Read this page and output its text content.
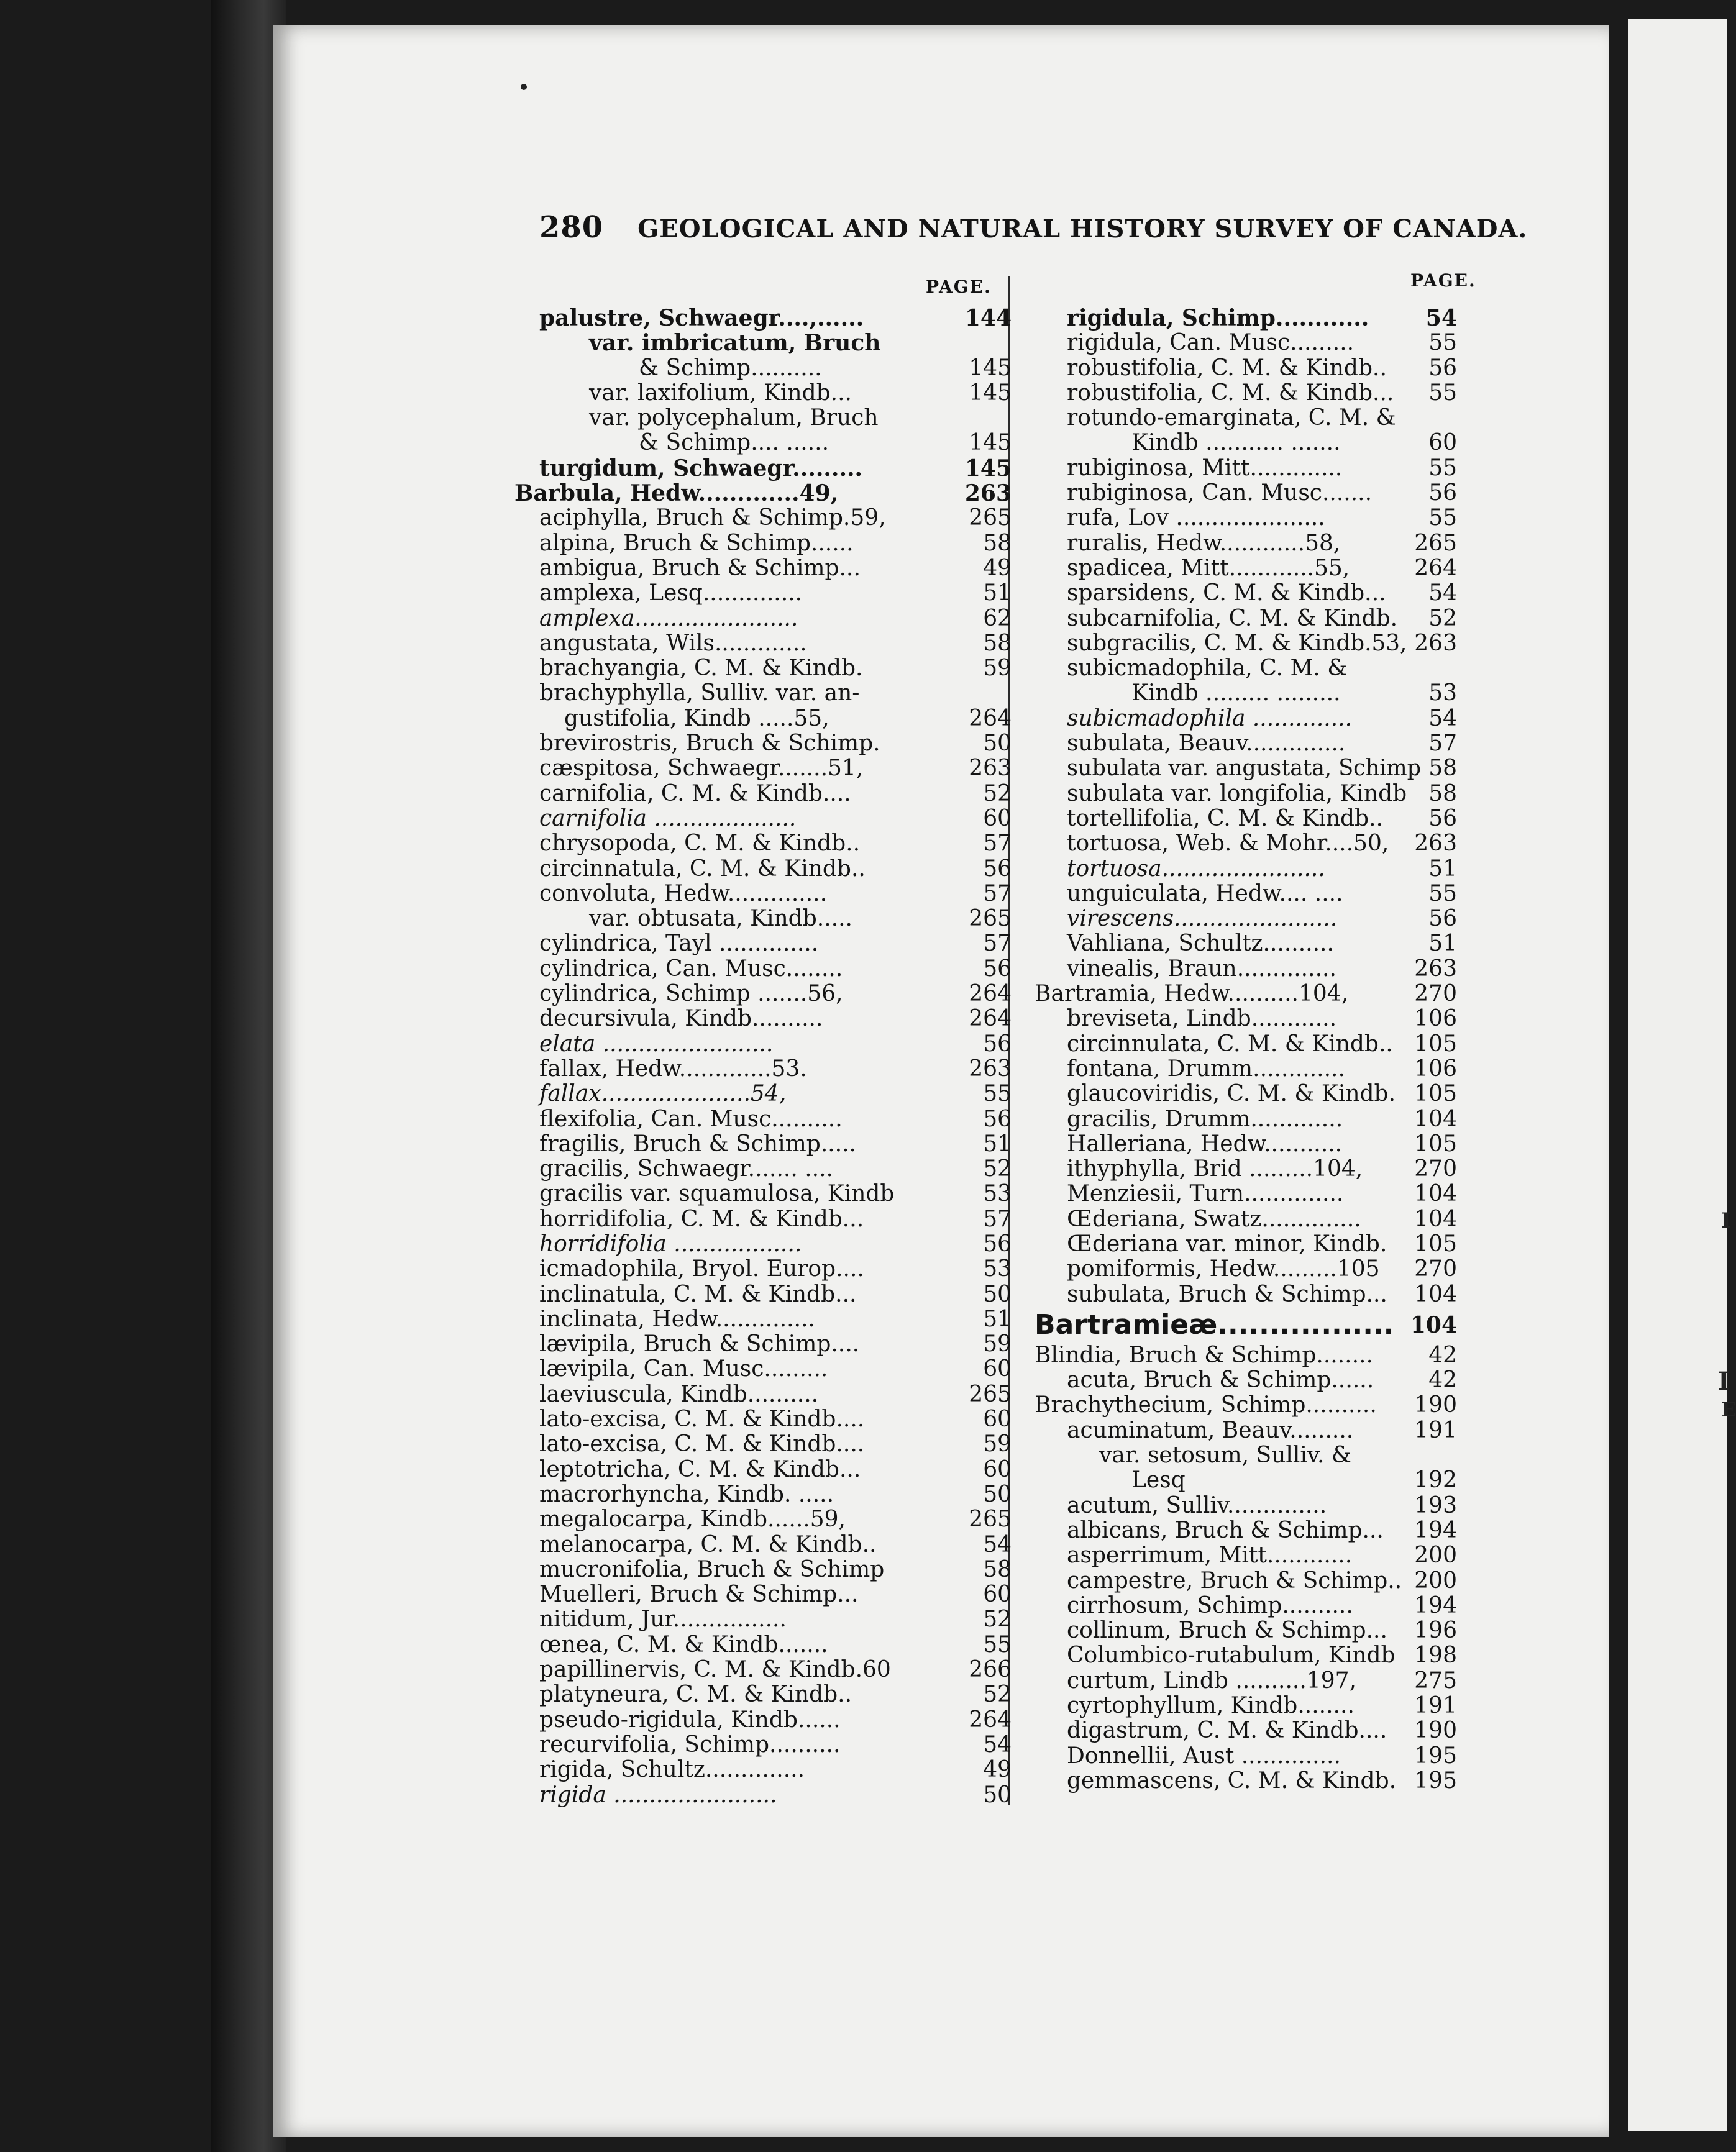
I
I
E
280 GEOLOGICAL AND NATURAL HISTORY SURVEY OF CANADA.
PAGE.	PAGE.
palustre, Schwaegr....,......	144
var. imbricatum, Bruch
& Schimp..........	145
var. laxifolium, Kindb...	145
var. polycephalum, Bruch
& Schimp.... ......	145
turgidum, Schwaegr.........	145
Barbula, Hedw.............49,	263
aciphylla, Bruch & Schimp.59,	265
alpina, Bruch & Schimp......	58
ambigua, Bruch & Schimp...	49
amplexa, Lesq..............	51
amplexa.......................	62
angustata, Wils.............	58
brachyangia, C. M. & Kindb.	59
brachyphylla, Sulliv. var. an-
gustifolia, Kindb .....55,	264
brevirostris, Bruch & Schimp.	50
cæspitosa, Schwaegr.......51,	263
carnifolia, C. M. & Kindb....	52
carnifolia ....................	60
chrysopoda, C. M. & Kindb..	57
circinnatula, C. M. & Kindb..	56
convoluta, Hedw..............	57
var. obtusata, Kindb.....	265
cylindrica, Tayl ..............	57
cylindrica, Can. Musc........	56
cylindrica, Schimp .......56,	264
decursivula, Kindb..........	264
elata ........................	56
fallax, Hedw.............53.	263
fallax.....................54,	55
flexifolia, Can. Musc..........	56
fragilis, Bruch & Schimp.....	51
gracilis, Schwaegr....... ....	52
gracilis var. squamulosa, Kindb	53
horridifolia, C. M. & Kindb...	57
horridifolia ..................	56
icmadophila, Bryol. Europ....	53
inclinatula, C. M. & Kindb...	50
inclinata, Hedw..............	51
lævipila, Bruch & Schimp....	59
lævipila, Can. Musc.........	60
laeviuscula, Kindb..........	265
lato-excisa, C. M. & Kindb....	60
lato-excisa, C. M. & Kindb....	59
leptotricha, C. M. & Kindb...	60
macrorhyncha, Kindb. .....	50
megalocarpa, Kindb......59,	265
melanocarpa, C. M. & Kindb..	54
mucronifolia, Bruch & Schimp	58
Muelleri, Bruch & Schimp...	60
nitidum, Jur................	52
œnea, C. M. & Kindb.......	55
papillinervis, C. M. & Kindb.60	266
platyneura, C. M. & Kindb..	52
pseudo-rigidula, Kindb......	264
recurvifolia, Schimp..........	54
rigida, Schultz..............	49
rigida .......................	50
rigidula, Schimp............	54
rigidula, Can. Musc.........	55
robustifolia, C. M. & Kindb.. 56
robustifolia, C. M. & Kindb... 55
rotundo-emarginata, C. M. &
Kindb ........... .......	60
rubiginosa, Mitt.............	55
rubiginosa, Can. Musc.......	56
rufa, Lov .....................	55
ruralis, Hedw............58,	265
spadicea, Mitt............55,	264
sparsidens, C. M. & Kindb... 54
subcarnifolia, C. M. & Kindb. 52
subgracilis, C. M. & Kindb.53, 263
subicmadophila, C. M. &
Kindb ......... .........	53
subicmadophila ..............	54
subulata, Beauv..............	57
subulata var. angustata, Schimp 58
subulata var. longifolia, Kindb 58
tortellifolia, C. M. & Kindb.. 56
tortuosa, Web. & Mohr....50, 263
tortuosa.......................	51
unguiculata, Hedw.... ....	55
virescens.......................	56
Vahliana, Schultz..........	51
vinealis, Braun..............	263
Bartramia, Hedw..........104,	270
breviseta, Lindb............	106
circinnulata, C. M. & Kindb.. 105
fontana, Drumm.............	106
glaucoviridis, C. M. & Kindb. 105
gracilis, Drumm.............	104
Halleriana, Hedw...........	105
ithyphylla, Brid .........104, 270
Menziesii, Turn..............	104
Œderiana, Swatz.............. 104
Œderiana var. minor, Kindb. 105
pomiformis, Hedw.........105 270
subulata, Bruch & Schimp... 104
Bartramieæ................. 104
Blindia, Bruch & Schimp........ 42
acuta, Bruch & Schimp...... 42
Brachythecium, Schimp.......... 190
acuminatum, Beauv.........	191
var. setosum, Sulliv. &
Lesq	192
acutum, Sulliv..............	193
albicans, Bruch & Schimp... 194
asperrimum, Mitt............	200
campestre, Bruch & Schimp.. 200
cirrhosum, Schimp..........	194
collinum, Bruch & Schimp... 196
Columbico-rutabulum, Kindb 198
curtum, Lindb ..........197,	275
cyrtophyllum, Kindb........	191
digastrum, C. M. & Kindb.... 190
Donnellii, Aust ..............	195
gemmascens, C. M. & Kindb. 195
